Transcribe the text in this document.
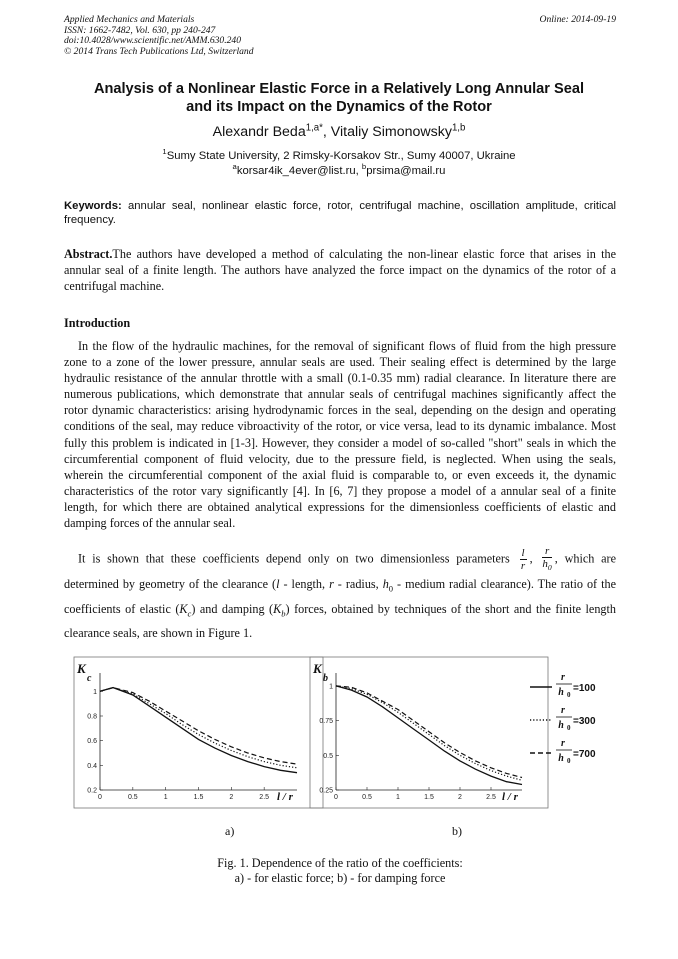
Applied Mechanics and Materials
ISSN: 1662-7482, Vol. 630, pp 240-247
doi:10.4028/www.scientific.net/AMM.630.240
© 2014 Trans Tech Publications Ltd, Switzerland
Online: 2014-09-19
Analysis of a Nonlinear Elastic Force in a Relatively Long Annular Seal
and its Impact on the Dynamics of the Rotor
Alexandr Beda$^{1,a*}$, Vitaliy Simonowsky$^{1,b}$
$^1$Sumy State University, 2 Rimsky-Korsakov Str., Sumy 40007, Ukraine
$^a$korsar4ik_4ever@list.ru, $^b$prsima@mail.ru
Keywords: annular seal, nonlinear elastic force, rotor, centrifugal machine, oscillation amplitude, critical frequency.
Abstract.The authors have developed a method of calculating the non-linear elastic force that arises in the annular seal of a finite length. The authors have analyzed the force impact on the dynamics of the rotor of a centrifugal machine.
Introduction
In the flow of the hydraulic machines, for the removal of significant flows of fluid from the high pressure zone to a zone of the lower pressure, annular seals are used. Their sealing effect is determined by the large hydraulic resistance of the annular throttle with a small (0.1-0.35 mm) radial clearance. In literature there are numerous publications, which demonstrate that annular seals of centrifugal machines significantly affect the rotor dynamic characteristics: arising hydrodynamic forces in the seal, depending on the design and operating conditions of the seal, may reduce vibroactivity of the rotor, or vice versa, lead to its dynamic imbalance. Most fully this problem is indicated in [1-3]. However, they consider a model of so-called "short" seals in which the circumferential component of fluid velocity, due to the pressure field, is neglected. When using the seals, wherein the circumferential component of the axial fluid is comparable to, or even exceeds it, the dynamic characteristics of the rotor vary significantly [4]. In [6, 7] they propose a model of a annular seal of a finite length, for which there are obtained analytical expressions for the dimensionless coefficients of elastic and damping forces of the annular seal.
It is shown that these coefficients depend only on two dimensionless parameters $\frac{l}{r}$ , $\frac{r}{h_0}$ , which are determined by geometry of the clearance (l - length, r - radius, $h_0$ - medium radial clearance). The ratio of the coefficients of elastic $(K_c)$ and damping $(K_b)$ forces, obtained by techniques of the short and the finite length clearance seals, are shown in Figure 1.
0	0.5	1	1.5	2	2.5
0.2
0.4
0.6
0.8
1
K
c
l / r	0	0.5	1	1.5	2	2.5
0.25
0.5
0.75
1
K
b
l / r
r
h 0
=100
r
h 0
=300
r
h 0
=700
a)	b)
Fig. 1. Dependence of the ratio of the coefficients:
a) - for elastic force; b) - for damping force
